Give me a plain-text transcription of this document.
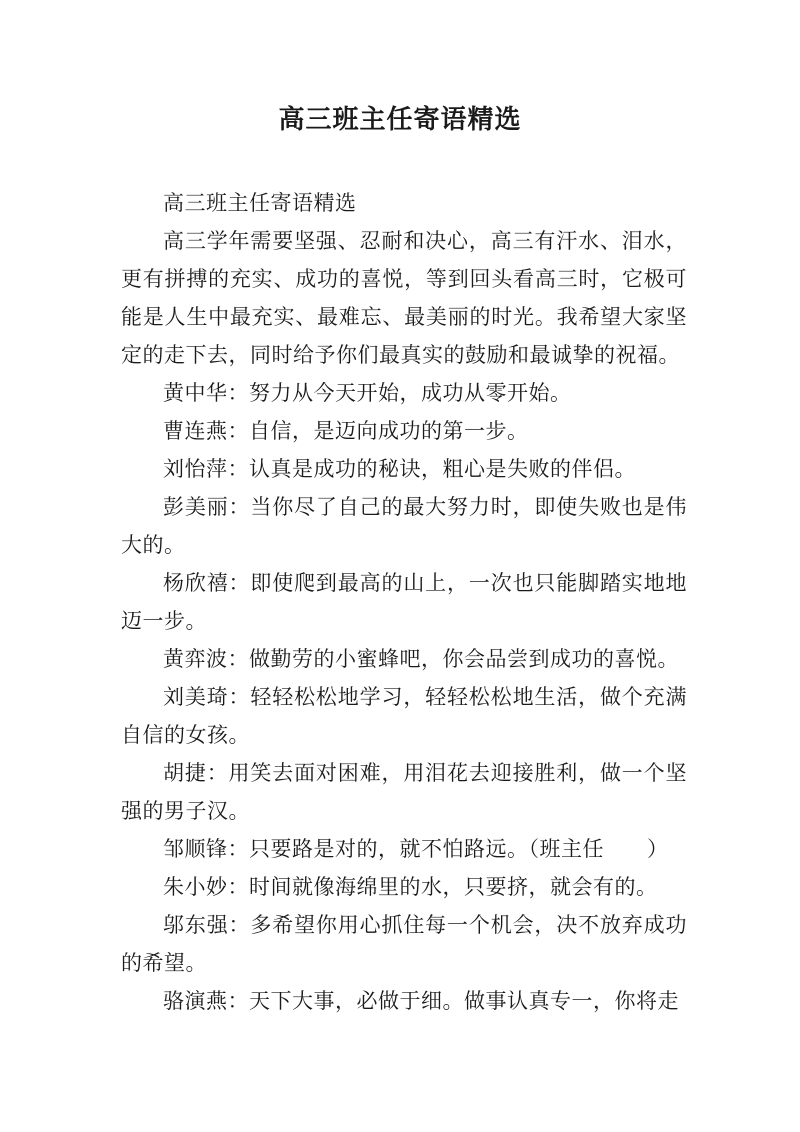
高三班主任寄语精选

高三班主任寄语精选

高三学年需要坚强、忍耐和决心，高三有汗水、泪水，更有拼搏的充实、成功的喜悦，等到回头看高三时，它极可能是人生中最充实、最难忘、最美丽的时光。我希望大家坚定的走下去，同时给予你们最真实的鼓励和最诚挚的祝福。

黄中华：努力从今天开始，成功从零开始。

曹连燕：自信，是迈向成功的第一步。

刘怡萍：认真是成功的秘诀，粗心是失败的伴侣。

彭美丽：当你尽了自己的最大努力时，即使失败也是伟大的。

杨欣禧：即使爬到最高的山上，一次也只能脚踏实地地迈一步。

黄弈波：做勤劳的小蜜蜂吧，你会品尝到成功的喜悦。

刘美琦：轻轻松松地学习，轻轻松松地生活，做个充满自信的女孩。

胡捷：用笑去面对困难，用泪花去迎接胜利，做一个坚强的男子汉。

邹顺锋：只要路是对的，就不怕路远。（班主任　　）

朱小妙：时间就像海绵里的水，只要挤，就会有的。

邬东强：多希望你用心抓住每一个机会，决不放弃成功的希望。

骆演燕：天下大事，必做于细。做事认真专一，你将走
